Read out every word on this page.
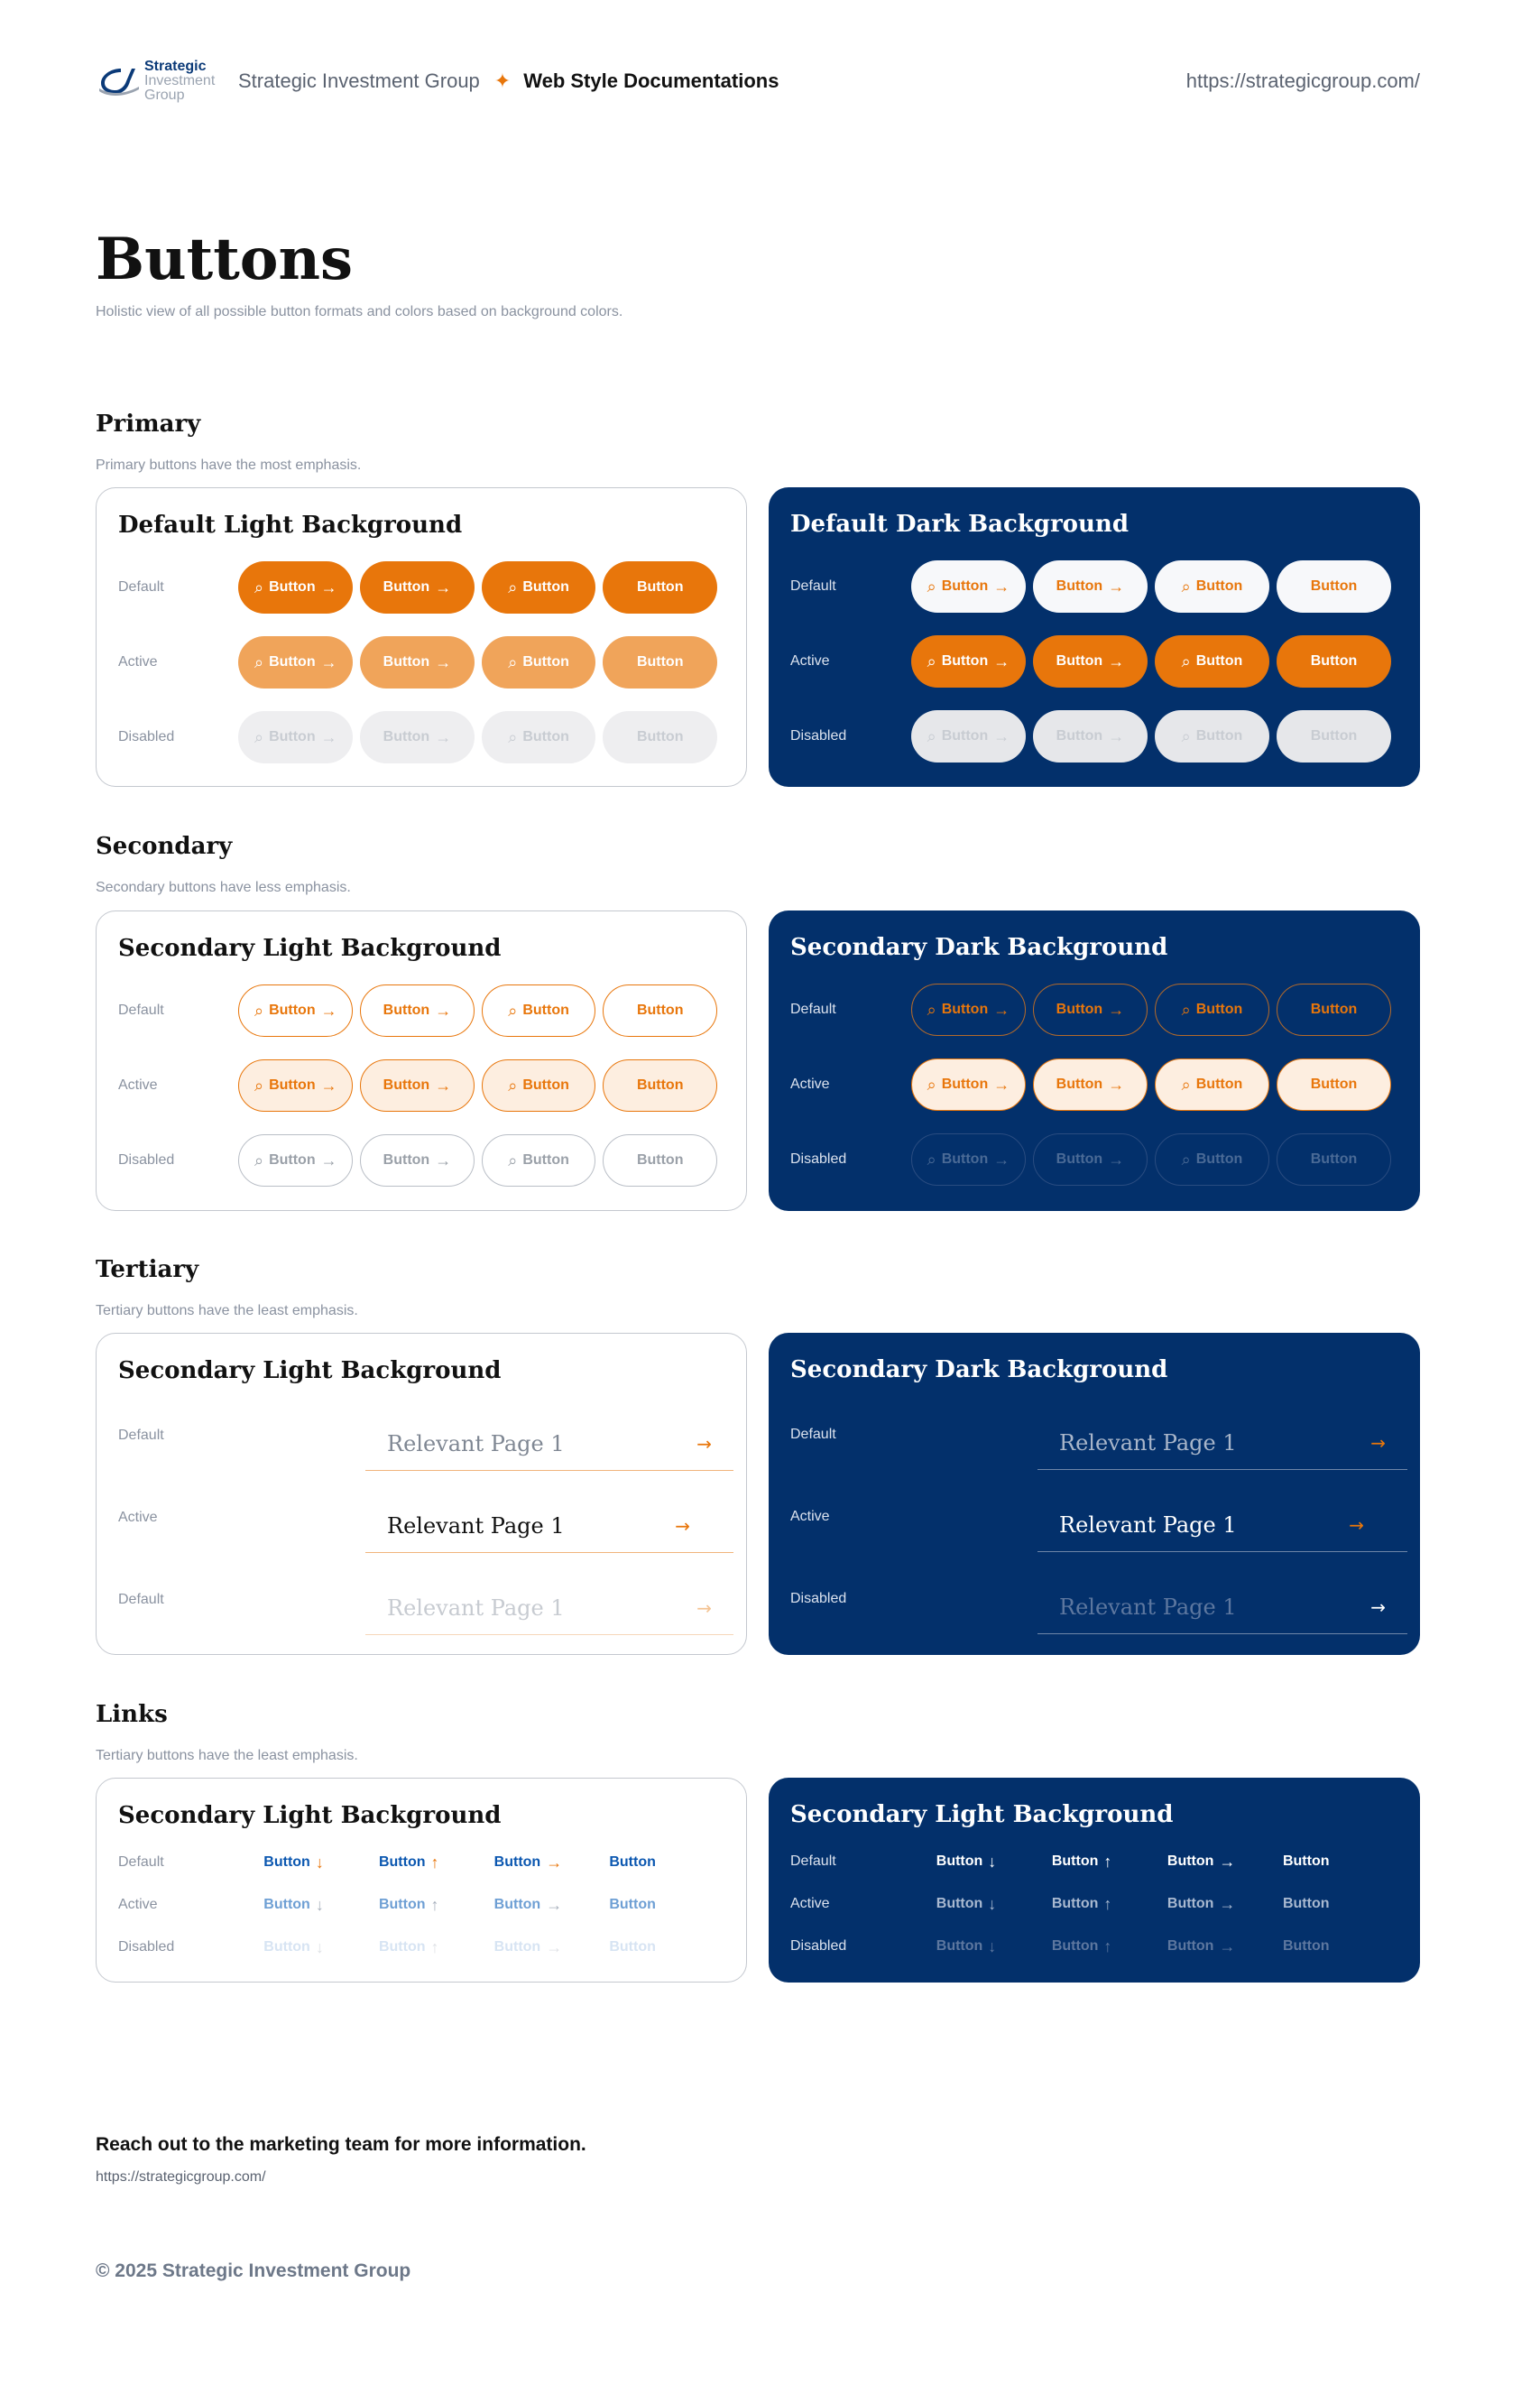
Strategic
Investment
Group
Strategic Investment Group ✦ Web Style Documentations	https://strategicgroup.com/
Buttons
Holistic view of all possible button formats and colors based on background colors.
Primary
Primary buttons have the most emphasis.
Default Light Background
Default	⌕ Button →	Button →	⌕ Button	Button
Active	⌕ Button →	Button →	⌕ Button	Button
Disabled	⌕ Button →	Button →	⌕ Button	Button
Default Dark Background
Default	⌕ Button →	Button →	⌕ Button	Button
Active	⌕ Button →	Button →	⌕ Button	Button
Disabled	⌕ Button →	Button →	⌕ Button	Button
Secondary
Secondary buttons have less emphasis.
Secondary Light Background
Default	⌕ Button →	Button →	⌕ Button	Button
Active	⌕ Button →	Button →	⌕ Button	Button
Disabled	⌕ Button →	Button →	⌕ Button	Button
Secondary Dark Background
Default	⌕ Button →	Button →	⌕ Button	Button
Active	⌕ Button →	Button →	⌕ Button	Button
Disabled	⌕ Button →	Button →	⌕ Button	Button
Tertiary
Tertiary buttons have the least emphasis.
Secondary Light Background
Default	Relevant Page 1	→
Active	Relevant Page 1	→
Default	Relevant Page 1	→
Secondary Dark Background
Default	Relevant Page 1	→
Active	Relevant Page 1	→
Disabled	Relevant Page 1	→
Links
Tertiary buttons have the least emphasis.
Secondary Light Background
Default	Button ↓	Button ↑	Button →	Button
Active	Button ↓	Button ↑	Button →	Button
Disabled	Button ↓	Button ↑	Button →	Button
Secondary Light Background
Default	Button ↓	Button ↑	Button →	Button
Active	Button ↓	Button ↑	Button →	Button
Disabled	Button ↓	Button ↑	Button →	Button
Reach out to the marketing team for more information.
https://strategicgroup.com/
© 2025 Strategic Investment Group
